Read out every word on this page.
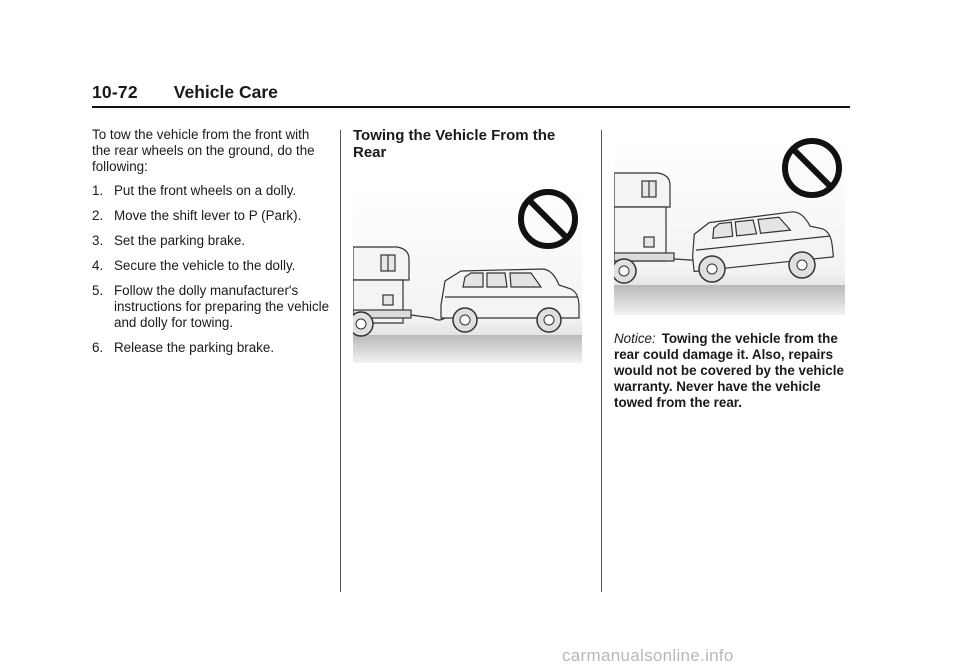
10-72 Vehicle Care

To tow the vehicle from the front with the rear wheels on the ground, do the following:

1. Put the front wheels on a dolly.
2. Move the shift lever to P (Park).
3. Set the parking brake.
4. Secure the vehicle to the dolly.
5. Follow the dolly manufacturer's instructions for preparing the vehicle and dolly for towing.
6. Release the parking brake.
Towing the Vehicle From the Rear
Notice: Towing the vehicle from the rear could damage it. Also, repairs would not be covered by the vehicle warranty. Never have the vehicle towed from the rear.
carmanualsonline.info
